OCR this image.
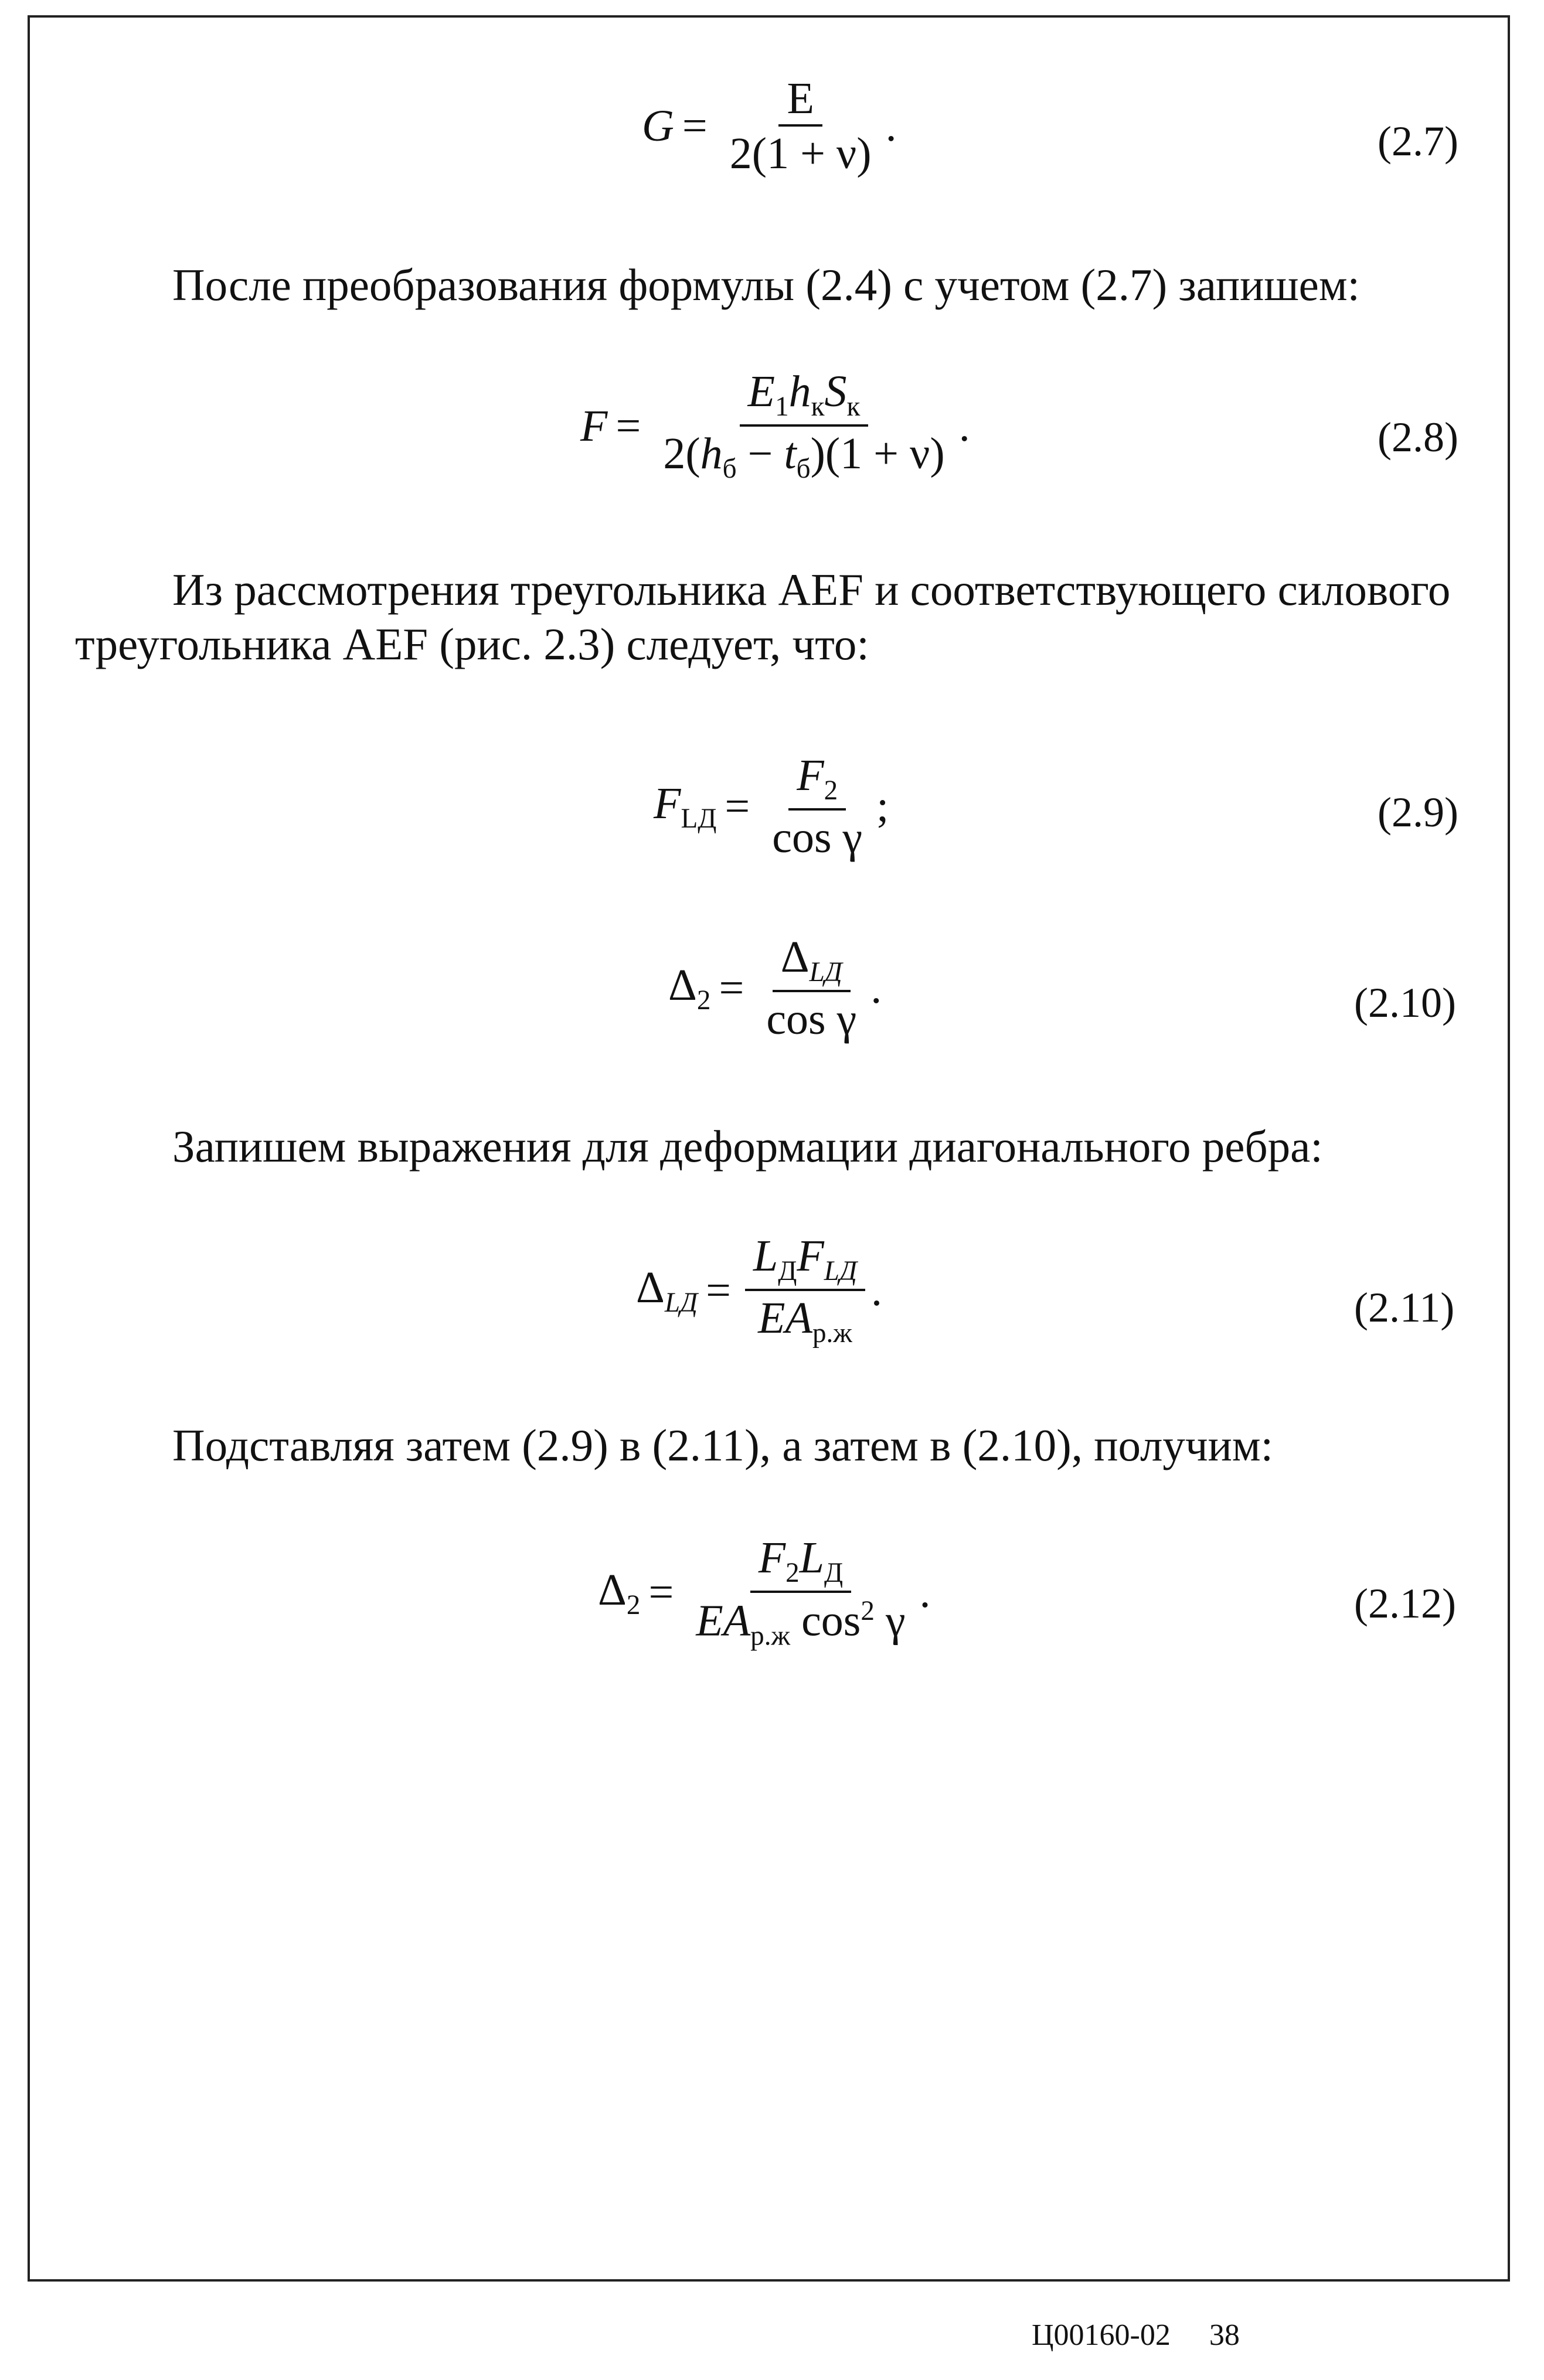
$G = \frac{E}{2(1 + \nu)}$ .	(2.7)
После преобразования формулы (2.4) с учетом (2.7) запишем:
$F = \frac{E_1h_кS_к}{2(h_б - t_б)(1 + \nu)}$ .	(2.8)
Из рассмотрения треугольника AEF и соответствующего силового
треугольника AEF (рис. 2.3) следует, что:
$F_{LД} = \frac{F_2}{\text{cos γ}}$ ;	(2.9)
$\Delta_2 = \frac{\Delta_{LД}}{\text{cos γ}}$ .	(2.10)
Запишем выражения для деформации диагонального ребра:
$\Delta_{LД} = \frac{L_ДF_{LД}}{EA_{р.ж}}$ .	(2.11)
Подставляя затем (2.9) в (2.11), а затем в (2.10), получим:
$\Delta_2 = \frac{F_2L_Д}{EA_{р.ж} \cos^2 \gamma}$ .	(2.12)
Ц00160-02 38
